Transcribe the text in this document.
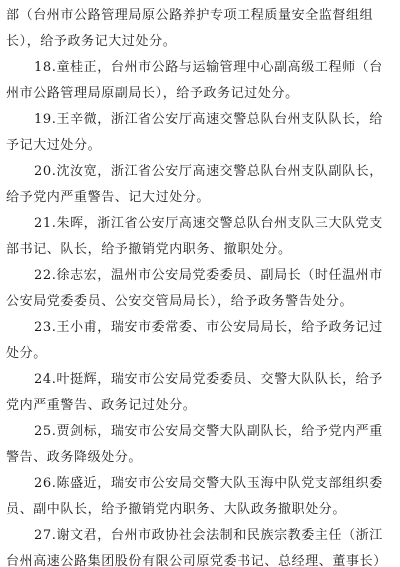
部（台州市公路管理局原公路养护专项工程质量安全监督组组
长），给予政务记大过处分。
18.童桂正，台州市公路与运输管理中心副高级工程师（台
州市公路管理局原副局长），给予政务记过处分。
19.王辛微，浙江省公安厅高速交警总队台州支队队长，给
予记大过处分。
20.沈汝宽，浙江省公安厅高速交警总队台州支队副队长，
给予党内严重警告、记大过处分。
21.朱晖，浙江省公安厅高速交警总队台州支队三大队党支
部书记、队长，给予撤销党内职务、撤职处分。
22.徐志宏，温州市公安局党委委员、副局长（时任温州市
公安局党委委员、公安交管局局长），给予政务警告处分。
23.王小甫，瑞安市委常委、市公安局局长，给予政务记过
处分。
24.叶挺辉，瑞安市公安局党委委员、交警大队队长，给予
党内严重警告、政务记过处分。
25.贾剑标，瑞安市公安局交警大队副队长，给予党内严重
警告、政务降级处分。
26.陈盛近，瑞安市公安局交警大队玉海中队党支部组织委
员、副中队长，给予撤销党内职务、大队政务撤职处分。
27.谢文君，台州市政协社会法制和民族宗教委主任（浙江
台州高速公路集团股份有限公司原党委书记、总经理、董事长）
